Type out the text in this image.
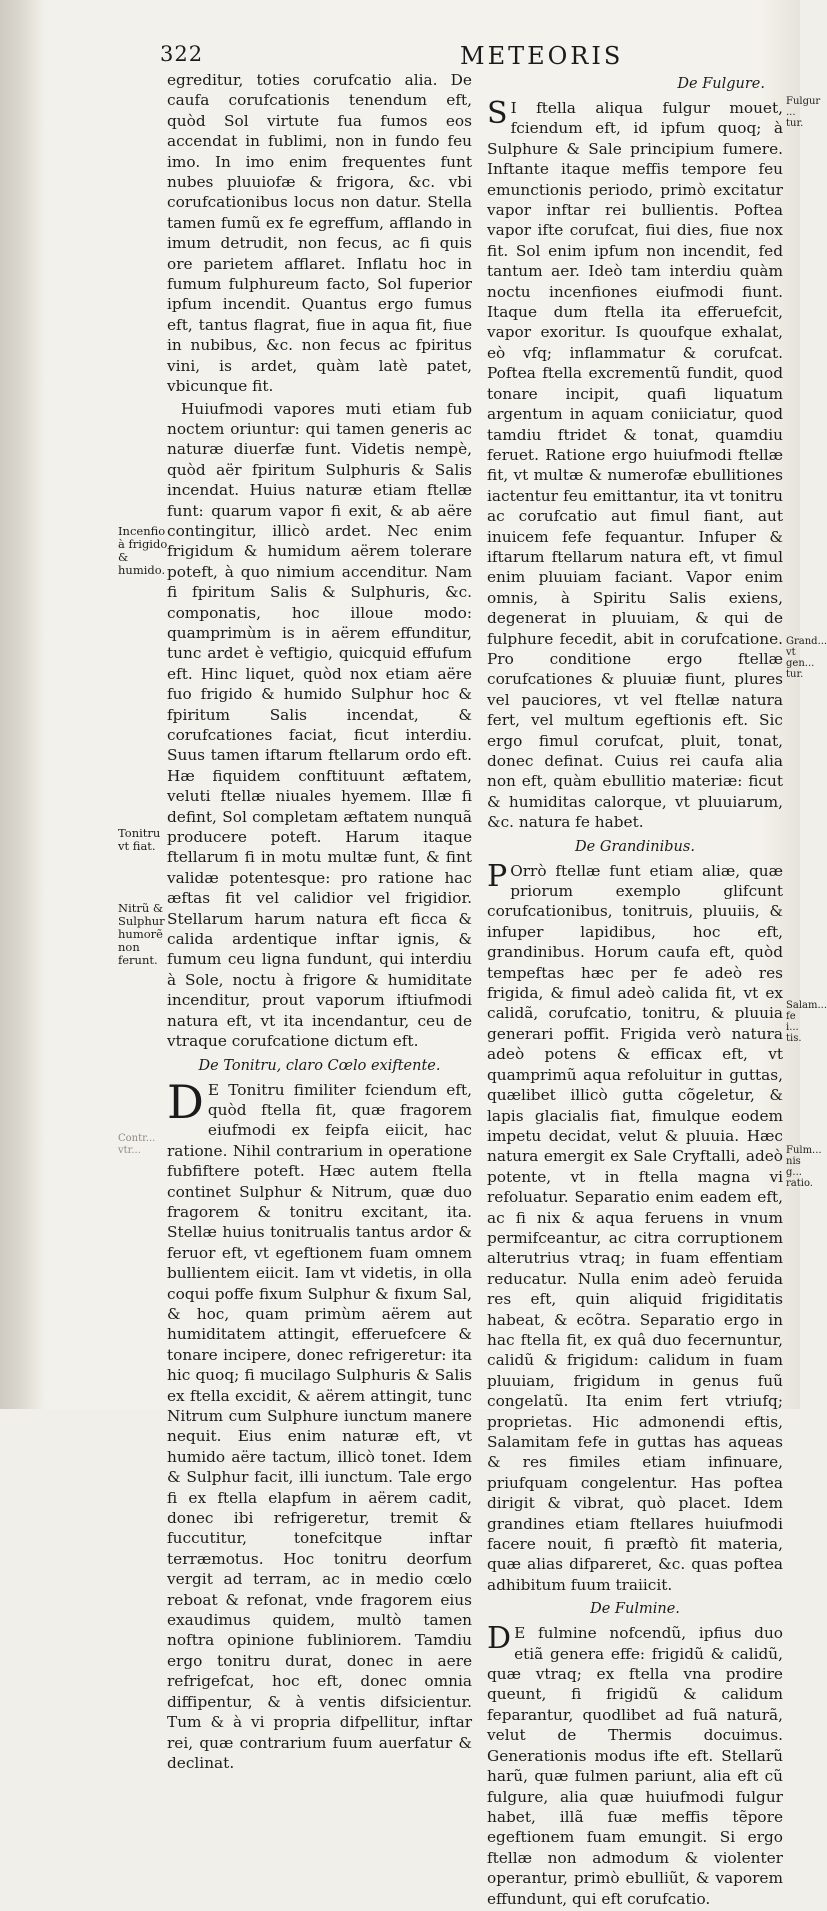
322	METEORIS
Incenfio à frigido & humido.
Tonitru vt fiat.
Nitrũ & Sulphur humorẽ non ferunt.
Contr... vtr...
Fulgur ... tur.
Grand... vt gen... tur.
Salam... fe i... tis.
Fulm... nis g... ratio.

egreditur, toties corufcatio alia. De caufa corufcationis tenendum eft, quòd Sol virtute fua fumos eos accendat in fublimi, non in fundo feu imo. In imo enim frequentes funt nubes pluuiofæ & frigora, &c. vbi corufcationibus locus non datur. Stella tamen fumũ ex fe egreffum, afflando in imum detrudit, non fecus, ac fi quis ore parietem afflaret. Inflatu hoc in fumum fulphureum facto, Sol fuperior ipfum incendit. Quantus ergo fumus eft, tantus flagrat, fiue in aqua fit, fiue in nubibus, &c. non fecus ac fpiritus vini, is ardet, quàm latè patet, vbicunque fit.

Huiufmodi vapores muti etiam fub noctem oriuntur: qui tamen generis ac naturæ diuerfæ funt. Videtis nempè, quòd aër fpiritum Sulphuris & Salis incendat. Huius naturæ etiam ftellæ funt: quarum vapor fi exit, & ab aëre contingitur, illicò ardet. Nec enim frigidum & humidum aërem tolerare poteft, à quo nimium accenditur. Nam fi fpiritum Salis & Sulphuris, &c. componatis, hoc illoue modo: quamprimùm is in aërem effunditur, tunc ardet è veftigio, quicquid effufum eft. Hinc liquet, quòd nox etiam aëre fuo frigido & humido Sulphur hoc & fpiritum Salis incendat, & corufcationes faciat, ficut interdiu. Suus tamen iftarum ftellarum ordo eft. Hæ fiquidem conftituunt æftatem, veluti ftellæ niuales hyemem. Illæ fi defint, Sol completam æftatem nunquã producere poteft. Harum itaque ftellarum fi in motu multæ funt, & fint validæ potentesque: pro ratione hac æftas fit vel calidior vel frigidior. Stellarum harum natura eft ficca & calida ardentique inftar ignis, & fumum ceu ligna fundunt, qui interdiu à Sole, noctu à frigore & humiditate incenditur, prout vaporum iftiufmodi natura eft, vt ita incendantur, ceu de vtraque corufcatione dictum eft.

De Tonitru, claro Cœlo exiftente.

D E Tonitru fimiliter fciendum eft, quòd ftella fit, quæ fragorem eiufmodi ex feipfa eiicit, hac ratione. Nihil contrarium in operatione fubfiftere poteft. Hæc autem ftella continet Sulphur & Nitrum, quæ duo fragorem & tonitru excitant, ita. Stellæ huius tonitrualis tantus ardor & feruor eft, vt egeftionem fuam omnem bullientem eiicit. Iam vt videtis, in olla coqui poffe fixum Sulphur & fixum Sal, & hoc, quam primùm aërem aut humiditatem attingit, efferuefcere & tonare incipere, donec refrigeretur: ita hic quoq; fi mucilago Sulphuris & Salis ex ftella excidit, & aërem attingit, tunc Nitrum cum Sulphure iunctum manere nequit. Eius enim naturæ eft, vt humido aëre tactum, illicò tonet. Idem & Sulphur facit, illi iunctum. Tale ergo fi ex ftella elapfum in aërem cadit, donec ibi refrigeretur, tremit & fuccutitur, tonefcitque inftar terræmotus. Hoc tonitru deorfum vergit ad terram, ac in medio cœlo reboat & refonat, vnde fragorem eius exaudimus quidem, multò tamen noftra opinione fubliniorem. Tamdiu ergo tonitru durat, donec in aere refrigefcat, hoc eft, donec omnia diffipentur, & à ventis difsicientur. Tum & à vi propria difpellitur, inftar rei, quæ contrarium fuum auerfatur & declinat.

De Fulgure.

S I ftella aliqua fulgur mouet, fciendum eft, id ipfum quoq; à Sulphure & Sale principium fumere. Inftante itaque meffis tempore feu emunctionis periodo, primò excitatur vapor inftar rei bullientis. Poftea vapor ifte corufcat, fiui dies, fiue nox fit. Sol enim ipfum non incendit, fed tantum aer. Ideò tam interdiu quàm noctu incenfiones eiufmodi fiunt. Itaque dum ftella ita efferuefcit, vapor exoritur. Is quoufque exhalat, eò vfq; inflammatur & corufcat. Poftea ftella excrementũ fundit, quod tonare incipit, quafi liquatum argentum in aquam coniiciatur, quod tamdiu ftridet & tonat, quamdiu feruet. Ratione ergo huiufmodi ftellæ fit, vt multæ & numerofæ ebullitiones iactentur feu emittantur, ita vt tonitru ac corufcatio aut fimul fiant, aut inuicem fefe fequantur. Infuper & iftarum ftellarum natura eft, vt fimul enim pluuiam faciant. Vapor enim omnis, à Spiritu Salis exiens, degenerat in pluuiam, & qui de fulphure fecedit, abit in corufcatione. Pro conditione ergo ftellæ corufcationes & pluuiæ fiunt, plures vel pauciores, vt vel ftellæ natura fert, vel multum egeftionis eft. Sic ergo fimul corufcat, pluit, tonat, donec definat. Cuius rei caufa alia non eft, quàm ebullitio materiæ: ficut & humiditas calorque, vt pluuiarum, &c. natura fe habet.

De Grandinibus.

P Orrò ftellæ funt etiam aliæ, quæ priorum exemplo glifcunt corufcationibus, tonitruis, pluuiis, & infuper lapidibus, hoc eft, grandinibus. Horum caufa eft, quòd tempeftas hæc per fe adeò res frigida, & fimul adeò calida fit, vt ex calidã, corufcatio, tonitru, & pluuia generari poffit. Frigida verò natura adeò potens & efficax eft, vt quamprimũ aqua refoluitur in guttas, quælibet illicò gutta cõgeletur, & lapis glacialis fiat, fimulque eodem impetu decidat, velut & pluuia. Hæc natura emergit ex Sale Cryftalli, adeò potente, vt in ftella magna vi refoluatur. Separatio enim eadem eft, ac fi nix & aqua feruens in vnum permifceantur, ac citra corruptionem alterutrius vtraq; in fuam effentiam reducatur. Nulla enim adeò feruida res eft, quin aliquid frigiditatis habeat, & ecõtra. Separatio ergo in hac ftella fit, ex quâ duo fecernuntur, calidũ & frigidum: calidum in fuam pluuiam, frigidum in genus fuũ congelatũ. Ita enim fert vtriufq; proprietas. Hic admonendi eftis, Salamitam fefe in guttas has aqueas & res fimiles etiam infinuare, priufquam congelentur. Has poftea dirigit & vibrat, quò placet. Idem grandines etiam ftellares huiufmodi facere nouit, fi præftò fit materia, quæ alias difpareret, &c. quas poftea adhibitum fuum traiicit.

De Fulmine.

D E fulmine nofcendũ, ipfius duo etiã genera effe: frigidũ & calidũ, quæ vtraq; ex ftella vna prodire queunt, fi frigidũ & calidum feparantur, quodlibet ad fuã naturã, velut de Thermis docuimus. Generationis modus ifte eft. Stellarũ harũ, quæ fulmen pariunt, alia eft cũ fulgure, alia quæ huiufmodi fulgur habet, illã fuæ meffis tẽpore egeftionem fuam emungit. Si ergo ftellæ non admodum & violenter operantur, primò ebulliũt, & vaporem effundunt, qui eft corufcatio.
